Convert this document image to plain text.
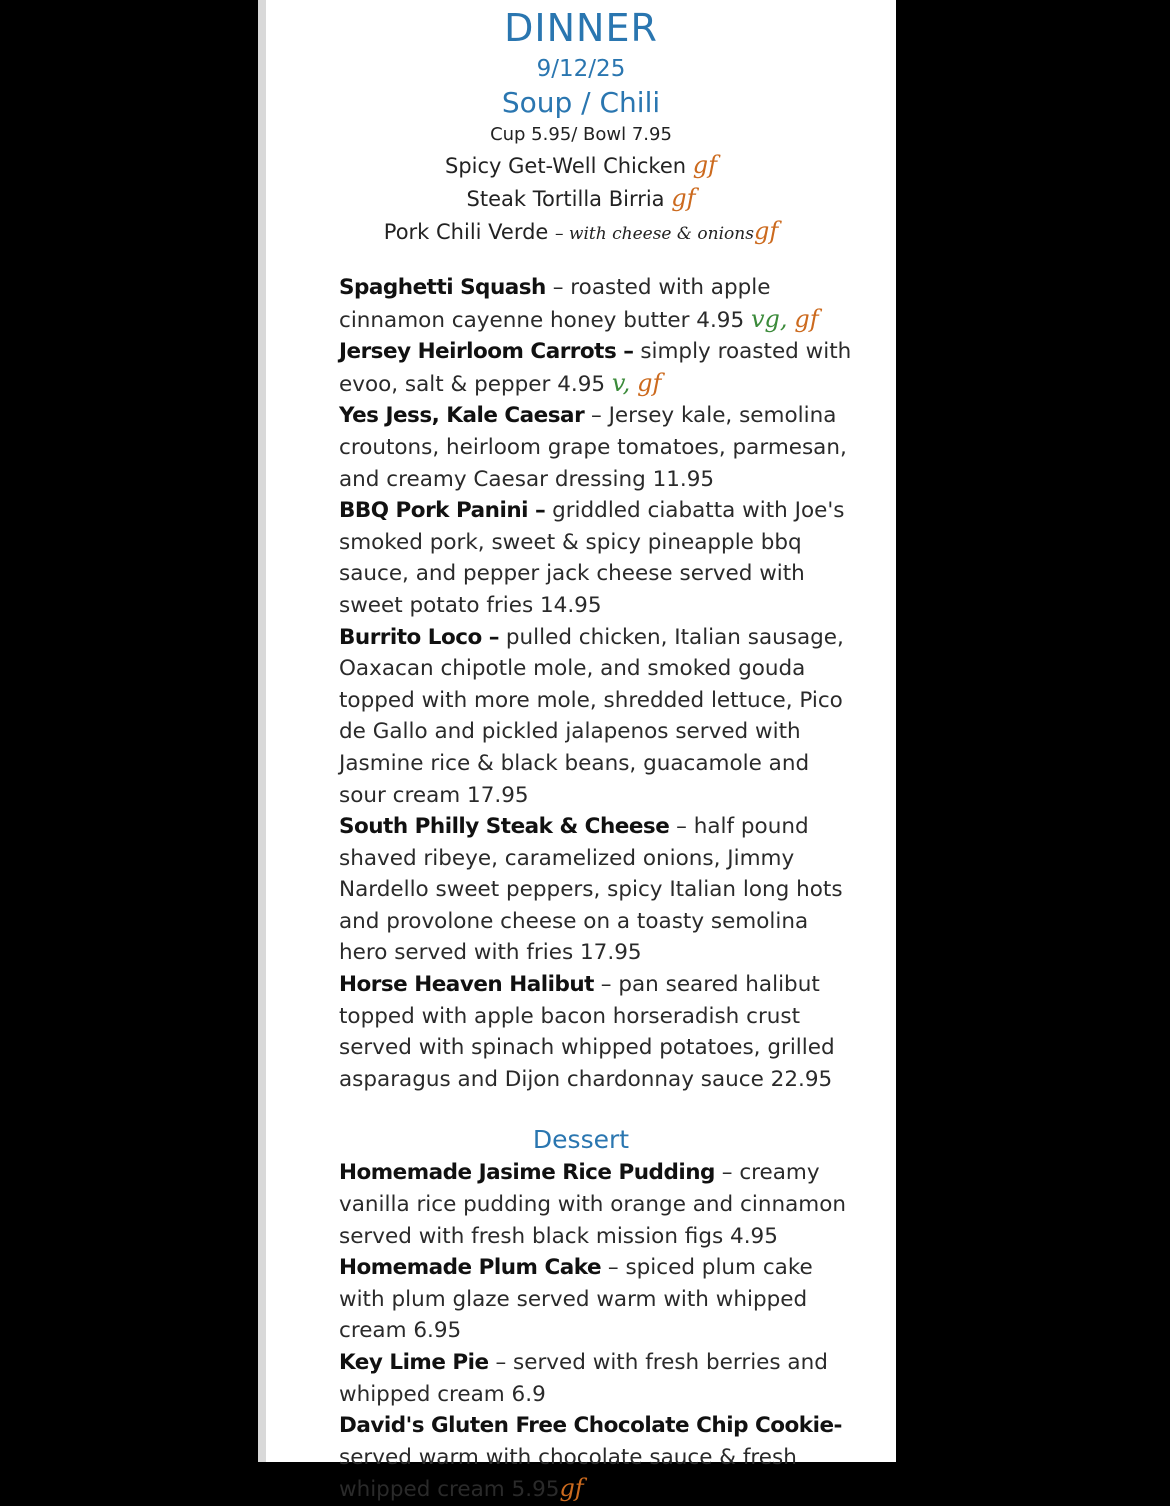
DINNER
9/12/25
Soup / Chili
Cup 5.95/ Bowl 7.95
Spicy Get-Well Chicken gf
Steak Tortilla Birria gf
Pork Chili Verde – with cheese & onionsgf
Spaghetti Squash – roasted with apple cinnamon cayenne honey butter 4.95 vg, gf
Jersey Heirloom Carrots – simply roasted with evoo, salt & pepper 4.95 v, gf
Yes Jess, Kale Caesar – Jersey kale, semolina croutons, heirloom grape tomatoes, parmesan, and creamy Caesar dressing 11.95
BBQ Pork Panini – griddled ciabatta with Joe's smoked pork, sweet & spicy pineapple bbq sauce, and pepper jack cheese served with sweet potato fries 14.95
Burrito Loco – pulled chicken, Italian sausage, Oaxacan chipotle mole, and smoked gouda topped with more mole, shredded lettuce, Pico de Gallo and pickled jalapenos served with Jasmine rice & black beans, guacamole and sour cream 17.95
South Philly Steak & Cheese – half pound shaved ribeye, caramelized onions, Jimmy Nardello sweet peppers, spicy Italian long hots and provolone cheese on a toasty semolina hero served with fries 17.95
Horse Heaven Halibut – pan seared halibut topped with apple bacon horseradish crust served with spinach whipped potatoes, grilled asparagus and Dijon chardonnay sauce 22.95
Dessert
Homemade Jasime Rice Pudding – creamy vanilla rice pudding with orange and cinnamon served with fresh black mission figs 4.95
Homemade Plum Cake – spiced plum cake with plum glaze served warm with whipped cream 6.95
Key Lime Pie – served with fresh berries and whipped cream 6.9
David's Gluten Free Chocolate Chip Cookie- served warm with chocolate sauce & fresh whipped cream 5.95gf
